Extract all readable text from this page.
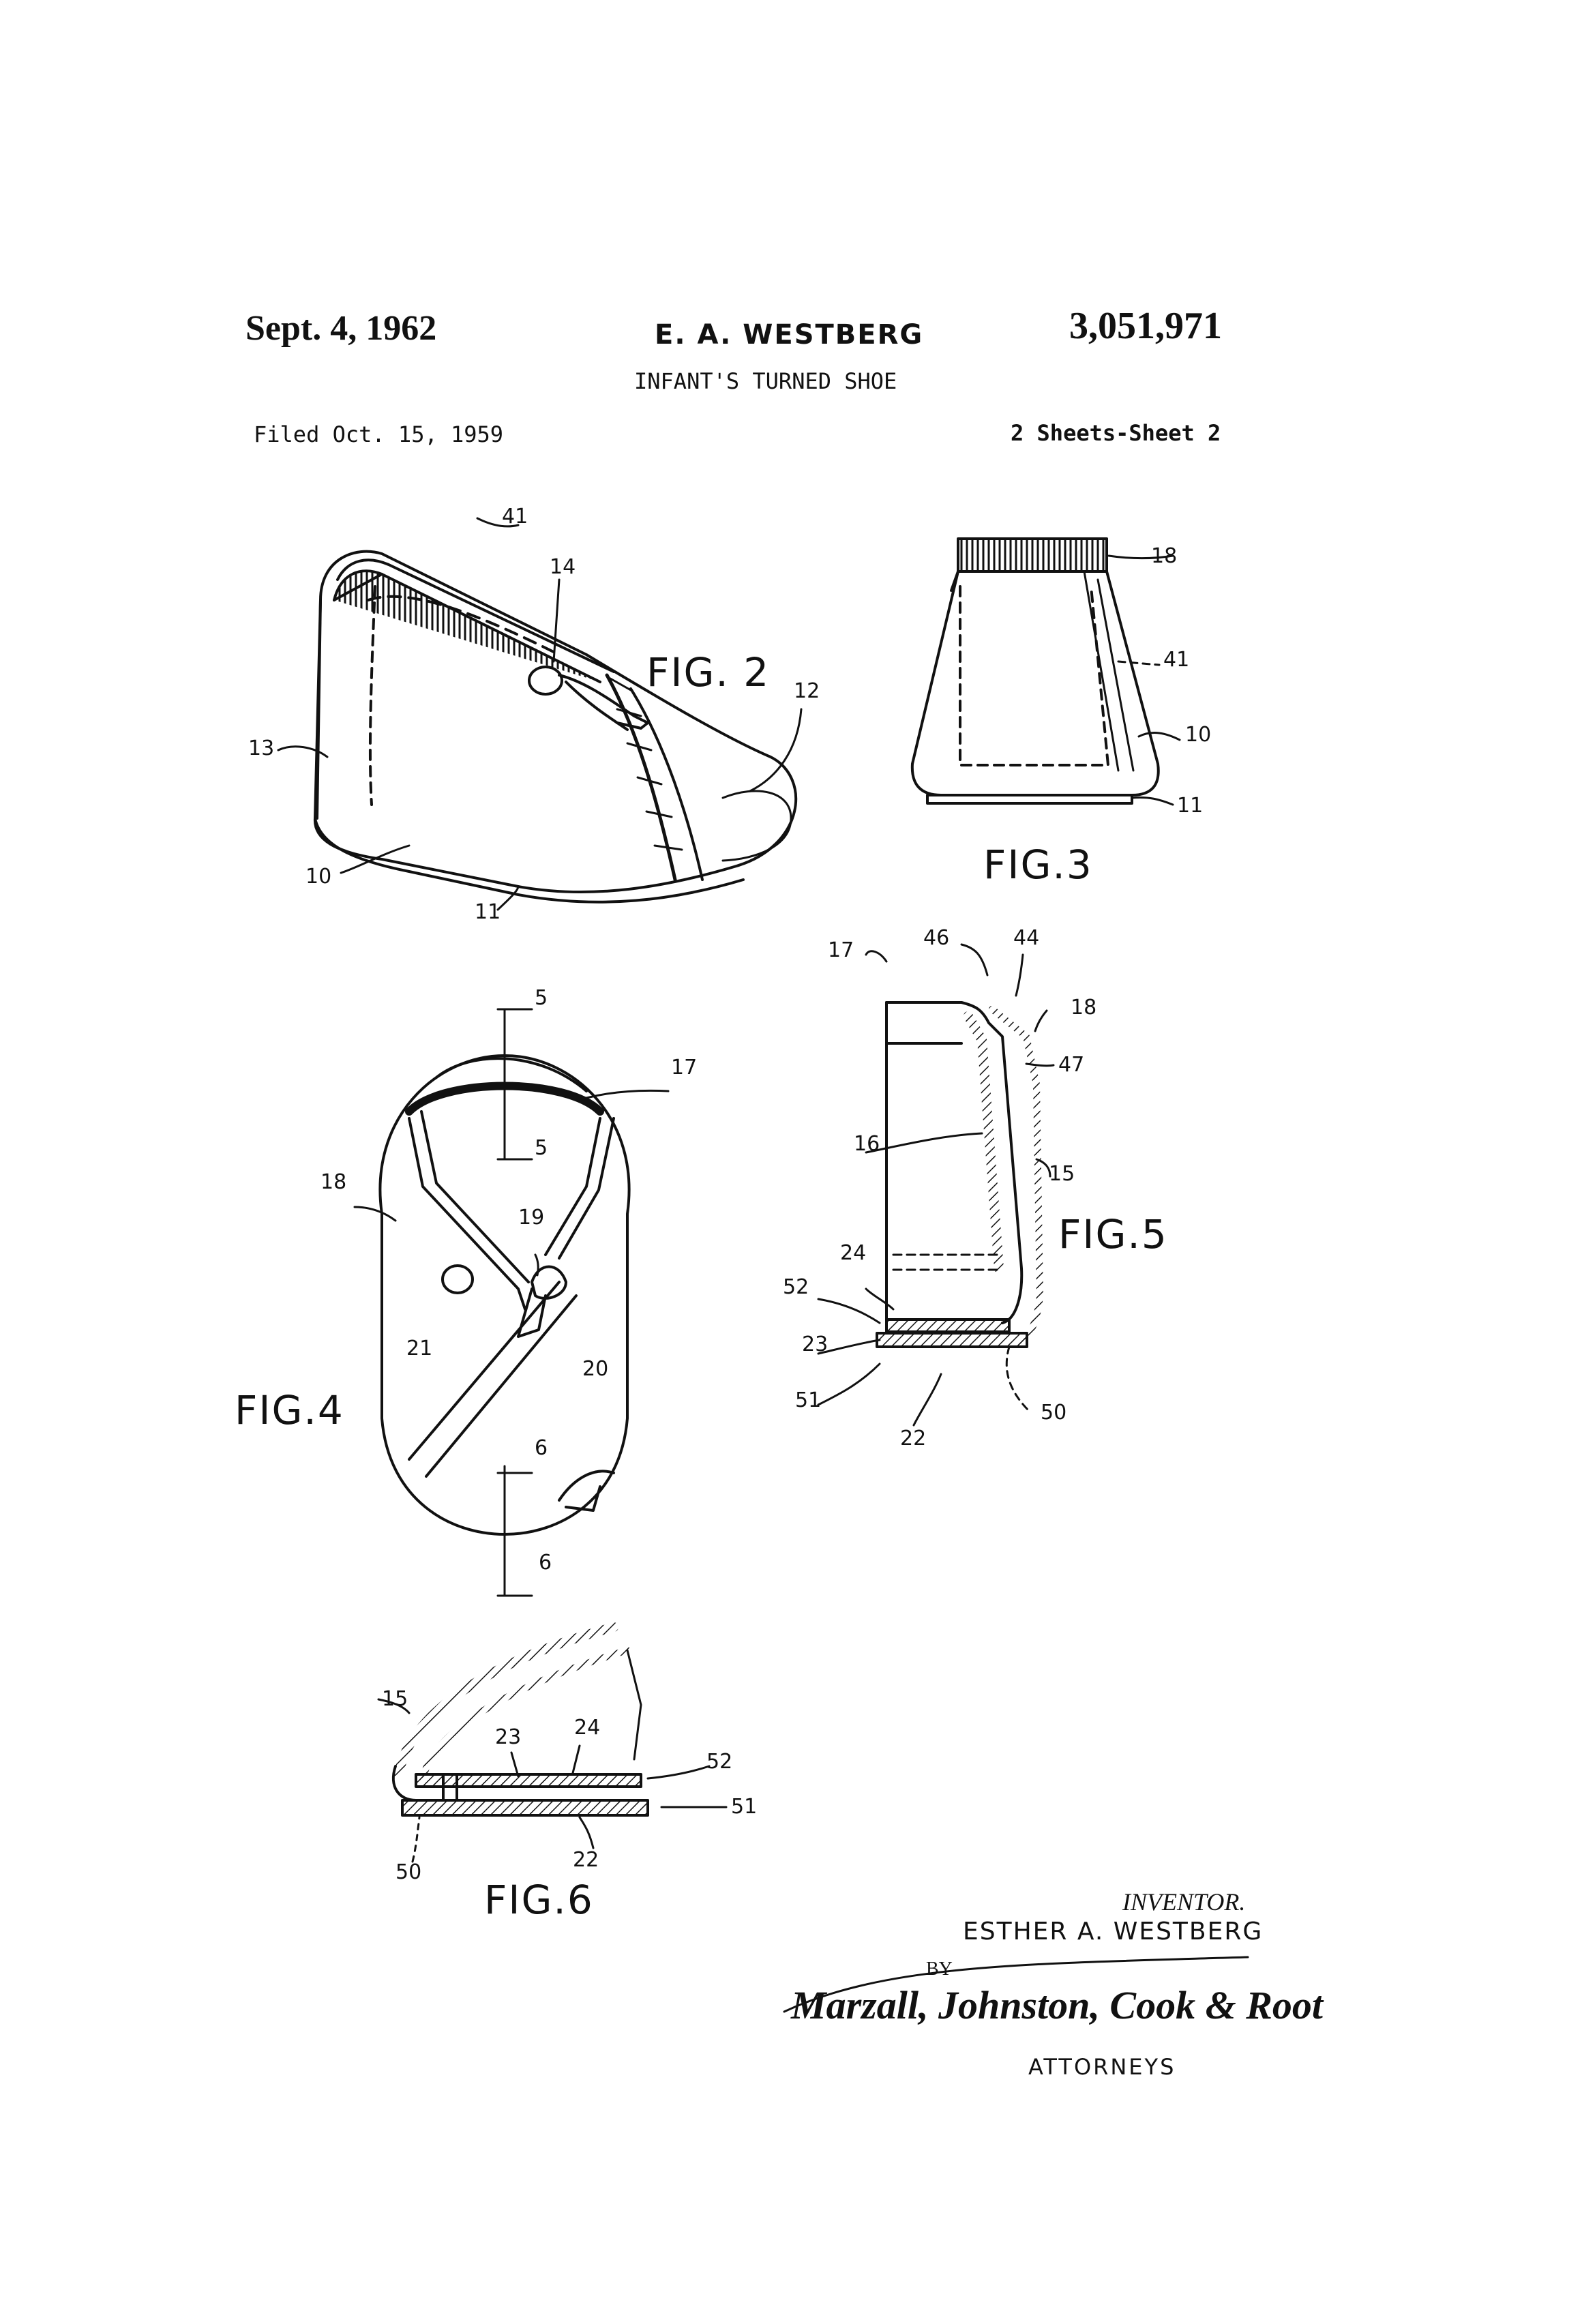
Sept. 4, 1962	E. A. WESTBERG	3,051,971
INFANT'S TURNED SHOE
Filed Oct. 15, 1959	2 Sheets-Sheet 2
FIG. 2
FIG.3
FIG.4
FIG.5
FIG.6
41
14
12
13
10
11
18
41
10
11
5
17
5
18
19
21
20
6
6
17
46	44
18
47
16
15
24
52
23
51
22
50
15
23	24
52
51
50
22
INVENTOR.
ESTHER A. WESTBERG
BY
Marzall, Johnston, Cook & Root
ATTORNEYS
